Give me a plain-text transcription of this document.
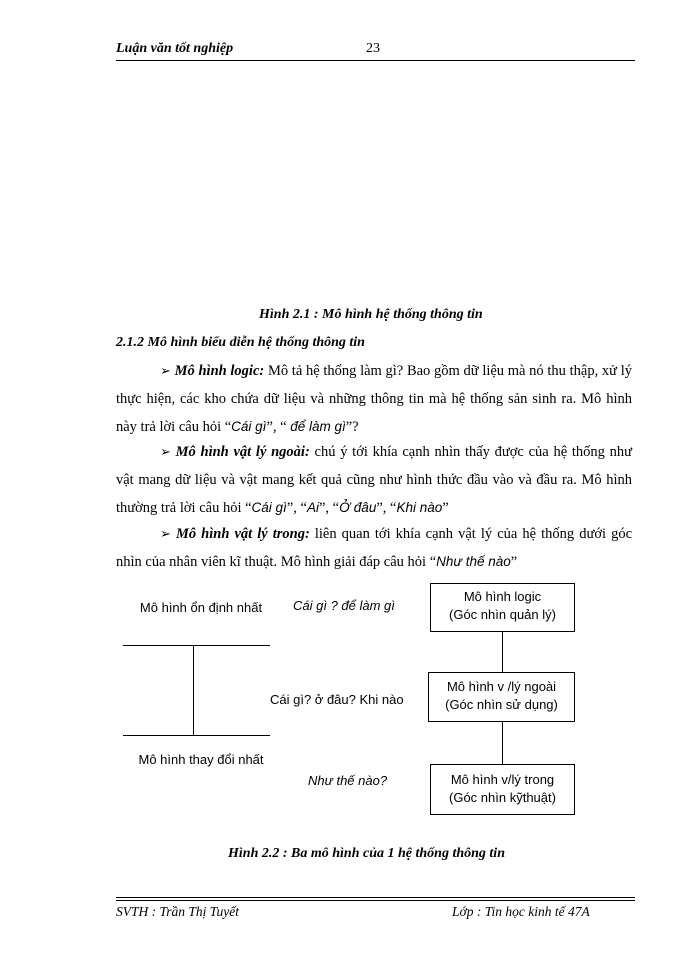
Luận văn tốt nghiệp	23
Hình 2.1 : Mô hình hệ thống thông tin
2.1.2 Mô hình biểu diễn hệ thống thông tin
➢ Mô hình logic: Mô tả hệ thống làm gì? Bao gồm dữ liệu mà nó thu thập, xử lý thực hiện, các kho chứa dữ liệu và những thông tin mà hệ thống sản sinh ra. Mô hình này trả lời câu hỏi “Cái gì”, “ để làm gì”?
➢ Mô hình vật lý ngoài: chú ý tới khía cạnh nhìn thấy được của hệ thống như vật mang dữ liệu và vật mang kết quả cũng như hình thức đầu vào và đầu ra. Mô hình thường trả lời câu hỏi “Cái gì”, “Ai”, “Ở đâu”, “Khi nào”
➢ Mô hình vật lý trong: liên quan tới khía cạnh vật lý của hệ thống dưới góc nhìn của nhân viên kĩ thuật. Mô hình giải đáp câu hỏi “Như thế nào”
Mô hình ổn định nhất
Mô hình thay đổi nhất
Cái gì ? để làm gì
Cái gì? ở đâu? Khi nào
Như thế nào?
Mô hình logic
(Góc nhìn quản lý)
Mô hình v /lý ngoài
(Góc nhìn sử dụng)
Mô hình v/lý trong
(Góc nhìn kỹthuật)
Hình 2.2 : Ba mô hình của 1 hệ thống thông tin
SVTH : Trần Thị Tuyết	Lớp : Tin học kinh tế 47A
